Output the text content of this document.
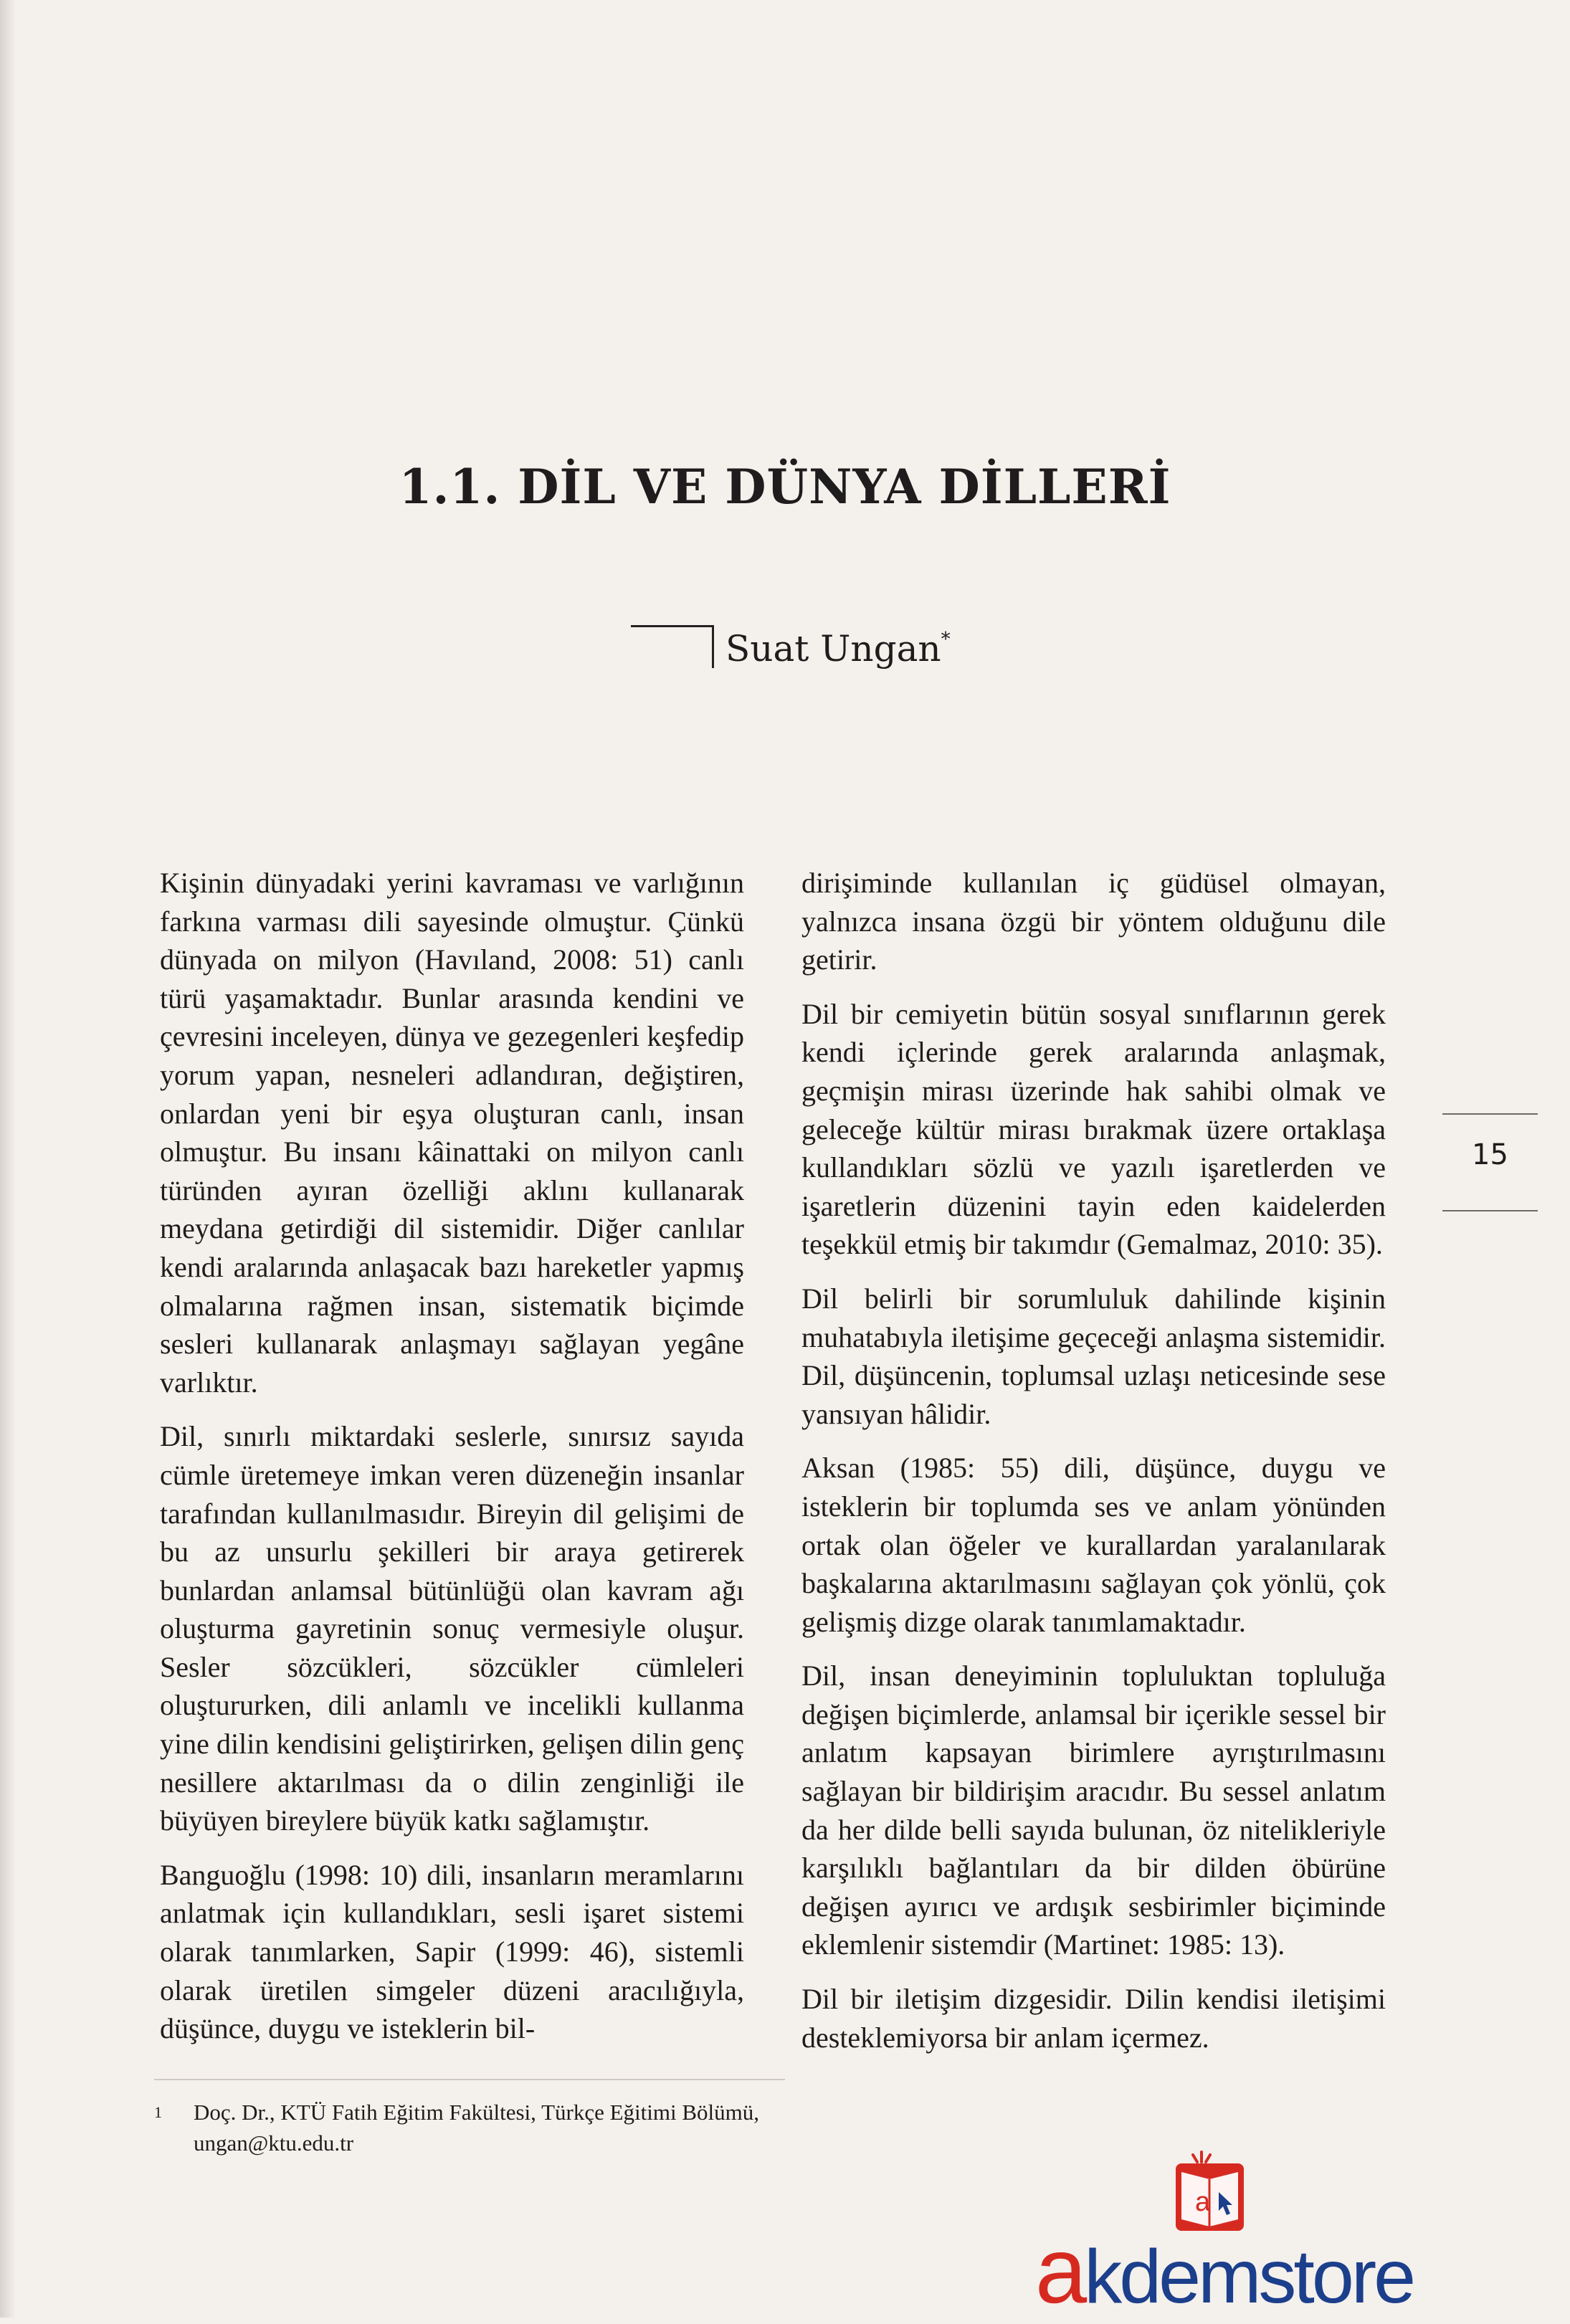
1.1. DİL VE DÜNYA DİLLERİ
Suat Ungan*

Kişinin dünyadaki yerini kavraması ve varlığının farkına varması dili sayesinde olmuştur. Çünkü dünyada on milyon (Havıland, 2008: 51) canlı türü yaşamaktadır. Bunlar arasında kendini ve çevresini inceleyen, dünya ve gezegenleri keşfedip yorum yapan, nesneleri adlandıran, değiştiren, onlardan yeni bir eşya oluşturan canlı, insan olmuştur. Bu insanı kâinattaki on milyon canlı türünden ayıran özelliği aklını kullanarak meydana getirdiği dil sistemidir. Diğer canlılar kendi aralarında anlaşacak bazı hareketler yapmış olmalarına rağmen insan, sistematik biçimde sesleri kullanarak anlaşmayı sağlayan yegâne varlıktır.

Dil, sınırlı miktardaki seslerle, sınırsız sayıda cümle üretemeye imkan veren düzeneğin insanlar tarafından kullanılmasıdır. Bireyin dil gelişimi de bu az unsurlu şekilleri bir araya getirerek bunlardan anlamsal bütünlüğü olan kavram ağı oluşturma gayretinin sonuç vermesiyle oluşur. Sesler sözcükleri, sözcükler cümleleri oluştururken, dili anlamlı ve incelikli kullanma yine dilin kendisini geliştirirken, gelişen dilin genç nesillere aktarılması da o dilin zenginliği ile büyüyen bireylere büyük katkı sağlamıştır.

Banguoğlu (1998: 10) dili, insanların meramlarını anlatmak için kullandıkları, sesli işaret sistemi olarak tanımlarken, Sapir (1999: 46), sistemli olarak üretilen simgeler düzeni aracılığıyla, düşünce, duygu ve isteklerin bil-

dirişiminde kullanılan iç güdüsel olmayan, yalnızca insana özgü bir yöntem olduğunu dile getirir.

Dil bir cemiyetin bütün sosyal sınıflarının gerek kendi içlerinde gerek aralarında anlaşmak, geçmişin mirası üzerinde hak sahibi olmak ve geleceğe kültür mirası bırakmak üzere ortaklaşa kullandıkları sözlü ve yazılı işaretlerden ve işaretlerin düzenini tayin eden kaidelerden teşekkül etmiş bir takımdır (Gemalmaz, 2010: 35).

Dil belirli bir sorumluluk dahilinde kişinin muhatabıyla iletişime geçeceği anlaşma sistemidir. Dil, düşüncenin, toplumsal uzlaşı neticesinde sese yansıyan hâlidir.

Aksan (1985: 55) dili, düşünce, duygu ve isteklerin bir toplumda ses ve anlam yönünden ortak olan öğeler ve kurallardan yaralanılarak başkalarına aktarılmasını sağlayan çok yönlü, çok gelişmiş dizge olarak tanımlamaktadır.

Dil, insan deneyiminin topluluktan topluluğa değişen biçimlerde, anlamsal bir içerikle sessel bir anlatım kapsayan birimlere ayrıştırılmasını sağlayan bir bildirişim aracıdır. Bu sessel anlatım da her dilde belli sayıda bulunan, öz nitelikleriyle karşılıklı bağlantıları da bir dilden öbürüne değişen ayırıcı ve ardışık sesbirimler biçiminde eklemlenir sistemdir (Martinet: 1985: 13).

Dil bir iletişim dizgesidir. Dilin kendisi iletişimi desteklemiyorsa bir anlam içermez.

1	Doç. Dr., KTÜ Fatih Eğitim Fakültesi, Türkçe Eğitimi Bölümü, ungan@ktu.edu.tr
15
a
akdemstore
